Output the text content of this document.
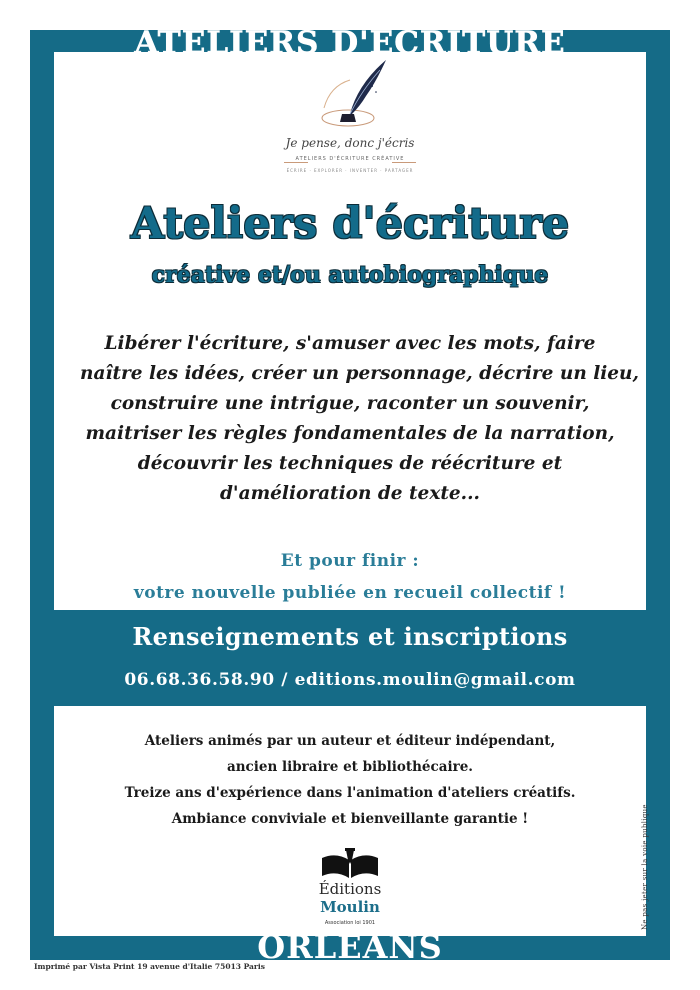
ATELIERS D'ÉCRITURE
Je pense, donc j'écris
ATELIERS D'ÉCRITURE CRÉATIVE
ÉCRIRE · EXPLORER · INVENTER · PARTAGER
Ateliers d'écriture
créative et/ou autobiographique
Libérer l'écriture, s'amuser avec les mots, faire
naître les idées, créer un personnage, décrire un lieu,
construire une intrigue, raconter un souvenir,
maitriser les règles fondamentales de la narration,
découvrir les techniques de réécriture et
d'amélioration de texte...
Et pour finir :
votre nouvelle publiée en recueil collectif !
Renseignements et inscriptions
06.68.36.58.90 / editions.moulin@gmail.com
Ateliers animés par un auteur et éditeur indépendant,
ancien libraire et bibliothécaire.
Treize ans d'expérience dans l'animation d'ateliers créatifs.
Ambiance conviviale et bienveillante garantie !
Éditions
Moulin
Association loi 1901
ORLÉANS
Ne pas jeter sur la voie publique
Imprimé par Vista Print 19 avenue d'Italie 75013 Paris
